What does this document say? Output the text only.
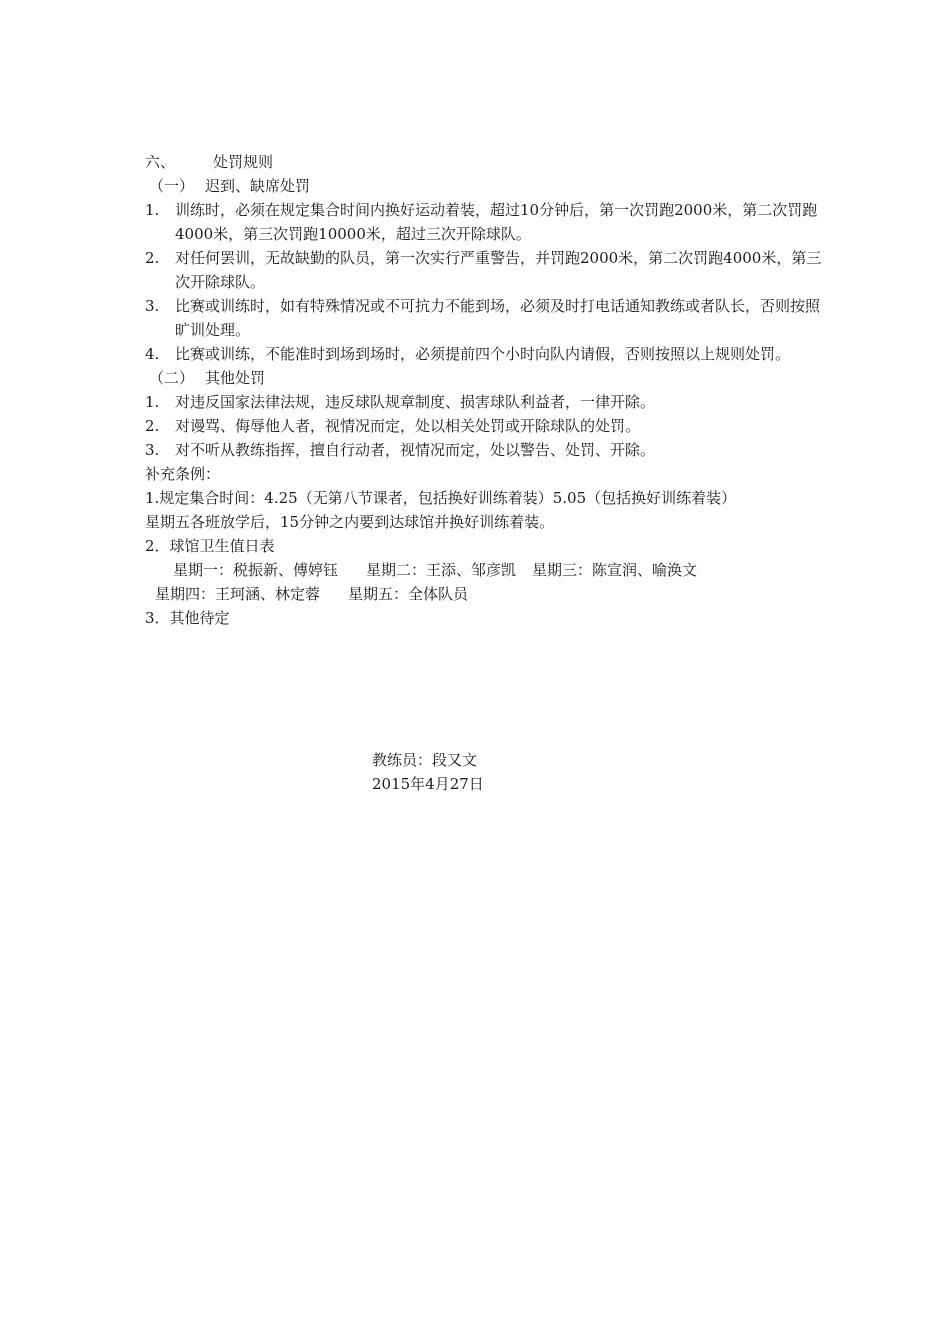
六、	处罚规则
（一） 迟到、缺席处罚
1.	训练时，必须在规定集合时间内换好运动着装，超过10分钟后，第一次罚跑2000米，第二次罚跑4000米，第三次罚跑10000米，超过三次开除球队。
2.	对任何罢训，无故缺勤的队员，第一次实行严重警告，并罚跑2000米，第二次罚跑4000米，第三次开除球队。
3.	比赛或训练时，如有特殊情况或不可抗力不能到场，必须及时打电话通知教练或者队长，否则按照旷训处理。
4.	比赛或训练，不能准时到场到场时，必须提前四个小时向队内请假，否则按照以上规则处罚。
（二） 其他处罚
1.	对违反国家法律法规，违反球队规章制度、损害球队利益者，一律开除。
2.	对谩骂、侮辱他人者，视情况而定，处以相关处罚或开除球队的处罚。
3.	对不听从教练指挥，擅自行动者，视情况而定，处以警告、处罚、开除。
补充条例：
1.规定集合时间：4.25（无第八节课者，包括换好训练着装）5.05（包括换好训练着装）
星期五各班放学后，15分钟之内要到达球馆并换好训练着装。
2．球馆卫生值日表
星期一：税振新、傅婷钰 星期二：王添、邹彦凯 星期三：陈宣润、喻涣文
星期四：王珂涵、林定蓉 星期五：全体队员
3．其他待定
教练员：段又文
2015年4月27日
